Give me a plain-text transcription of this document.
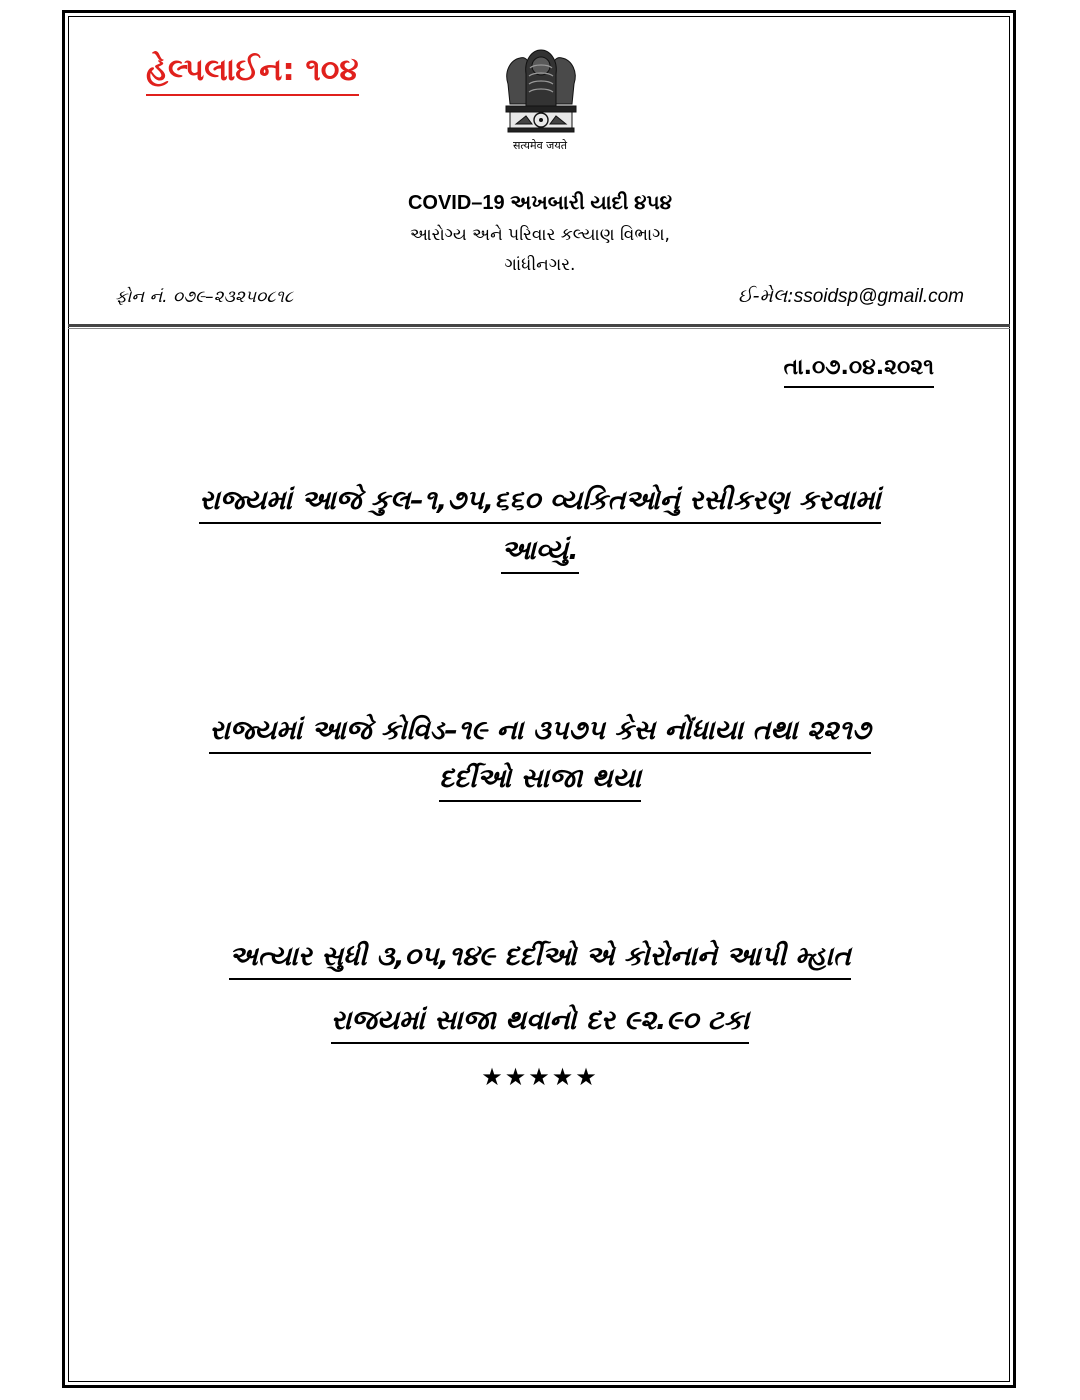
હેલ્પલાઈન: ૧૦૪
सत्यमेव जयते
COVID–19 અખબારી યાદી ૪૫૪
આરોગ્ય અને પરિવાર કલ્યાણ વિભાગ,
ગાંધીનગર.
ફોન નં. ૦૭૯–૨૩૨૫૦૮૧૮	ઈ-મેલ:ssoidsp@gmail.com
તા.૦૭.૦૪.૨૦૨૧
રાજ્યમાં આજે કુલ–૧,૭૫,૬૬૦ વ્યકિતઓનું રસીકરણ કરવામાં
આવ્યું.
રાજ્યમાં આજે કોવિડ–૧૯ ના ૩૫૭૫ કેસ નોંધાયા તથા ૨૨૧૭
દર્દીઓ સાજા થયા
અત્યાર સુધી ૩,૦૫,૧૪૯ દર્દીઓ એ કોરોનાને આપી મ્હાત
રાજયમાં સાજા થવાનો દર ૯૨.૯૦ ટકા
★★★★★
